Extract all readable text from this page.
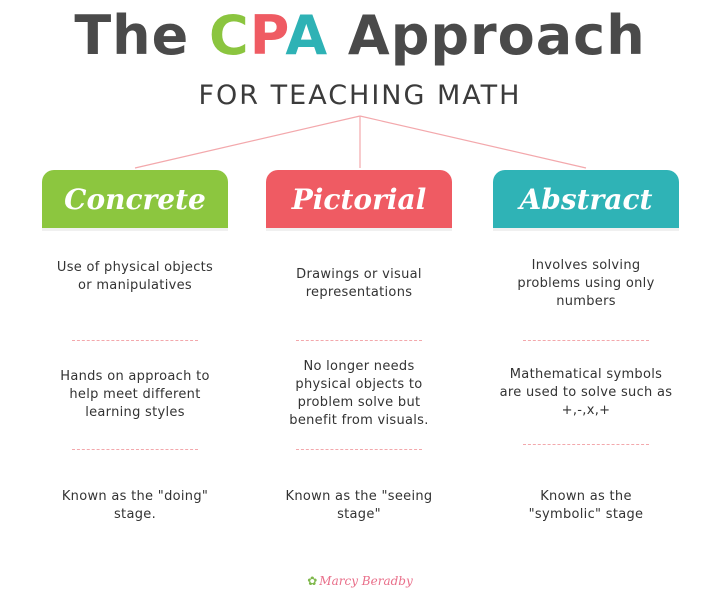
The CPA Approach
FOR TEACHING MATH
Concrete	Pictorial	Abstract
Use of physical objects or manipulatives
Hands on approach to help meet different learning styles
Known as the "doing" stage.
Drawings or visual representations
No longer needs physical objects to problem solve but benefit from visuals.
Known as the "seeing stage"
Involves solving problems using only numbers
Mathematical symbols are used to solve such as +,-,x,+
Known as the "symbolic" stage
✿ Marcy Beradby
